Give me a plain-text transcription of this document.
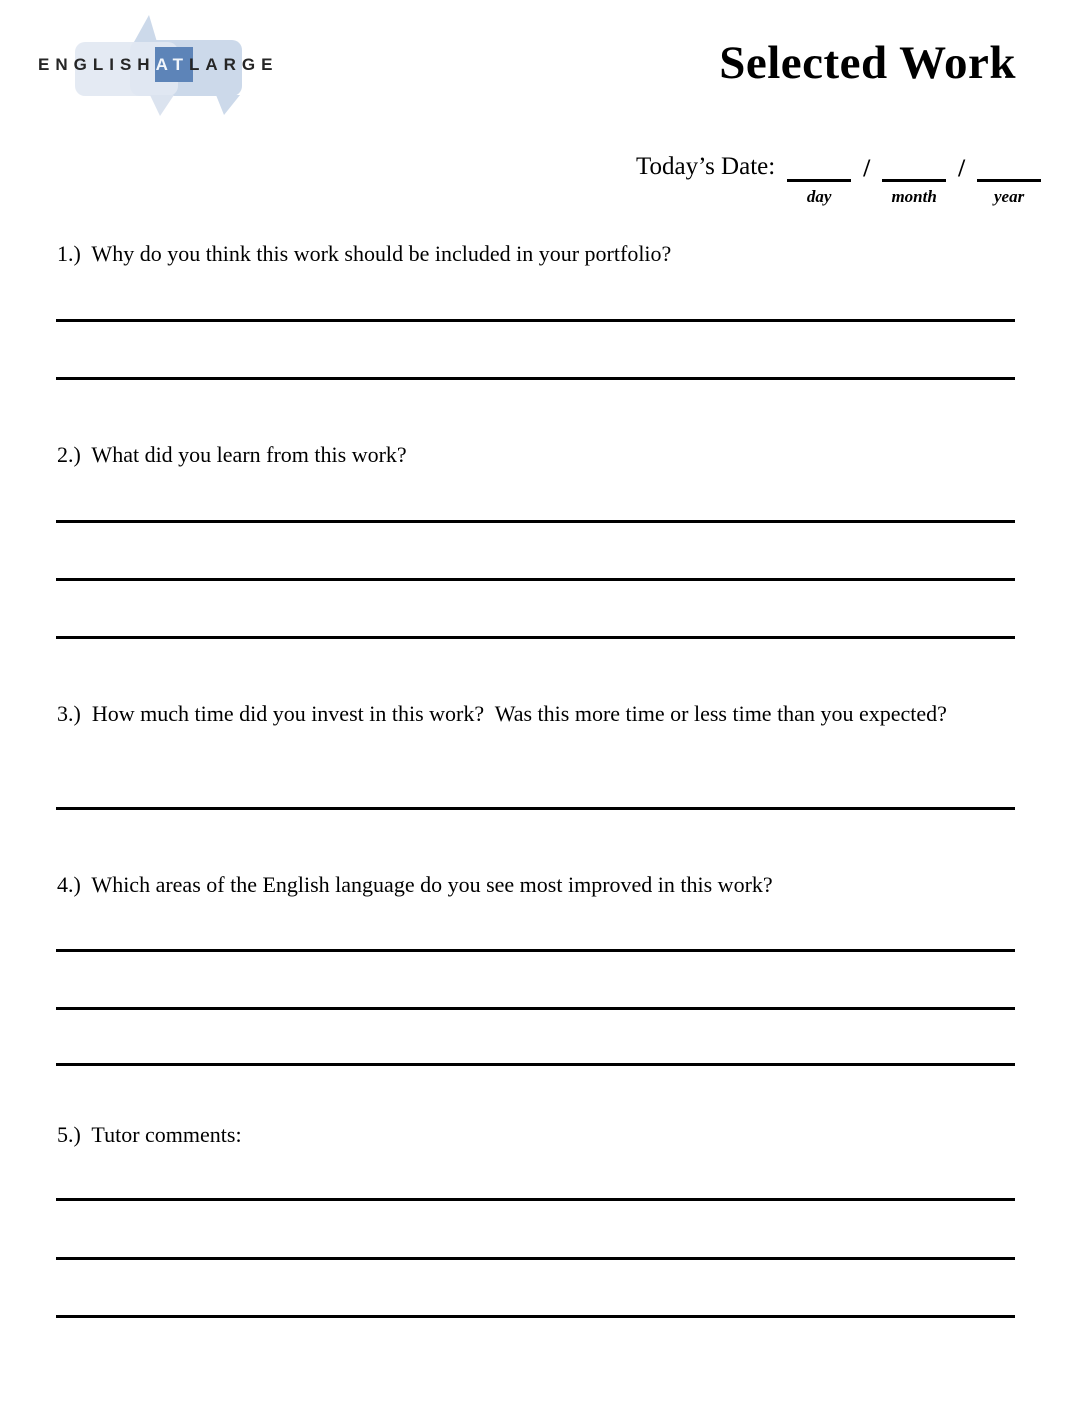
ENGLISHATLARGE	Selected Work
Today’s Date:
day
/
month
/
year
1.)  Why do you think this work should be included in your portfolio?
2.)  What did you learn from this work?
3.)  How much time did you invest in this work?  Was this more time or less time than you expected?
4.)  Which areas of the English language do you see most improved in this work?
5.)  Tutor comments:
